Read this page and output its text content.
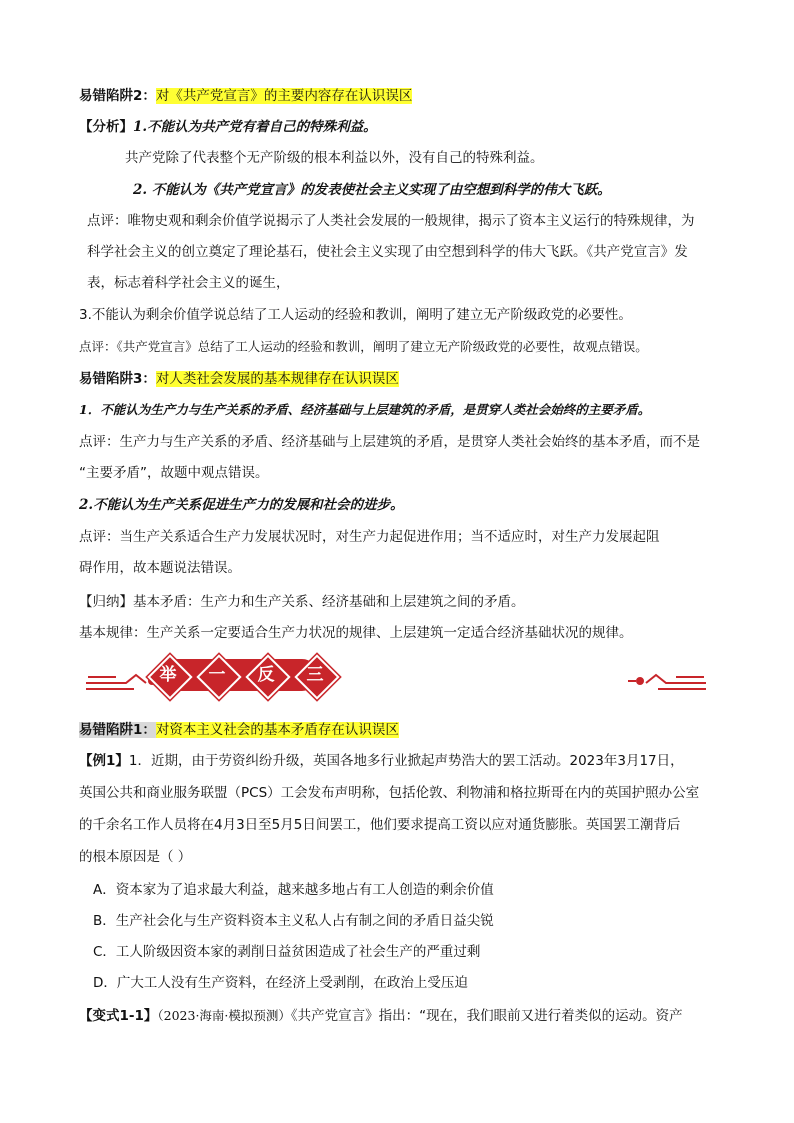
易错陷阱2：对《共产党宣言》的主要内容存在认识误区
【分析】1.不能认为共产党有着自己的特殊利益。
共产党除了代表整个无产阶级的根本利益以外，没有自己的特殊利益。
2. 不能认为《共产党宣言》的发表使社会主义实现了由空想到科学的伟大飞跃。
点评：唯物史观和剩余价值学说揭示了人类社会发展的一般规律，揭示了资本主义运行的特殊规律，为
科学社会主义的创立奠定了理论基石，使社会主义实现了由空想到科学的伟大飞跃。《共产党宣言》发
表，标志着科学社会主义的诞生，
3.不能认为剩余价值学说总结了工人运动的经验和教训，阐明了建立无产阶级政党的必要性。
点评：《共产党宣言》总结了工人运动的经验和教训，阐明了建立无产阶级政党的必要性，故观点错误。
易错陷阱3：对人类社会发展的基本规律存在认识误区
1．不能认为生产力与生产关系的矛盾、经济基础与上层建筑的矛盾，是贯穿人类社会始终的主要矛盾。
点评：生产力与生产关系的矛盾、经济基础与上层建筑的矛盾，是贯穿人类社会始终的基本矛盾，而不是
“主要矛盾”，故题中观点错误。
2.不能认为生产关系促进生产力的发展和社会的进步。
点评：当生产关系适合生产力发展状况时，对生产力起促进作用；当不适应时，对生产力发展起阻
碍作用，故本题说法错误。
【归纳】基本矛盾：生产力和生产关系、经济基础和上层建筑之间的矛盾。
基本规律：生产关系一定要适合生产力状况的规律、上层建筑一定适合经济基础状况的规律。
举	一	反	三
易错陷阱1：对资本主义社会的基本矛盾存在认识误区
【例1】1．近期，由于劳资纠纷升级，英国各地多行业掀起声势浩大的罢工活动。2023年3月17日，
英国公共和商业服务联盟（PCS）工会发布声明称，包括伦敦、利物浦和格拉斯哥在内的英国护照办公室
的千余名工作人员将在4月3日至5月5日间罢工，他们要求提高工资以应对通货膨胀。英国罢工潮背后
的根本原因是（ ）
A．资本家为了追求最大利益，越来越多地占有工人创造的剩余价值
B．生产社会化与生产资料资本主义私人占有制之间的矛盾日益尖锐
C．工人阶级因资本家的剥削日益贫困造成了社会生产的严重过剩
D．广大工人没有生产资料，在经济上受剥削，在政治上受压迫
【变式1-1】（2023·海南·模拟预测）《共产党宣言》指出：“现在，我们眼前又进行着类似的运动。资产
